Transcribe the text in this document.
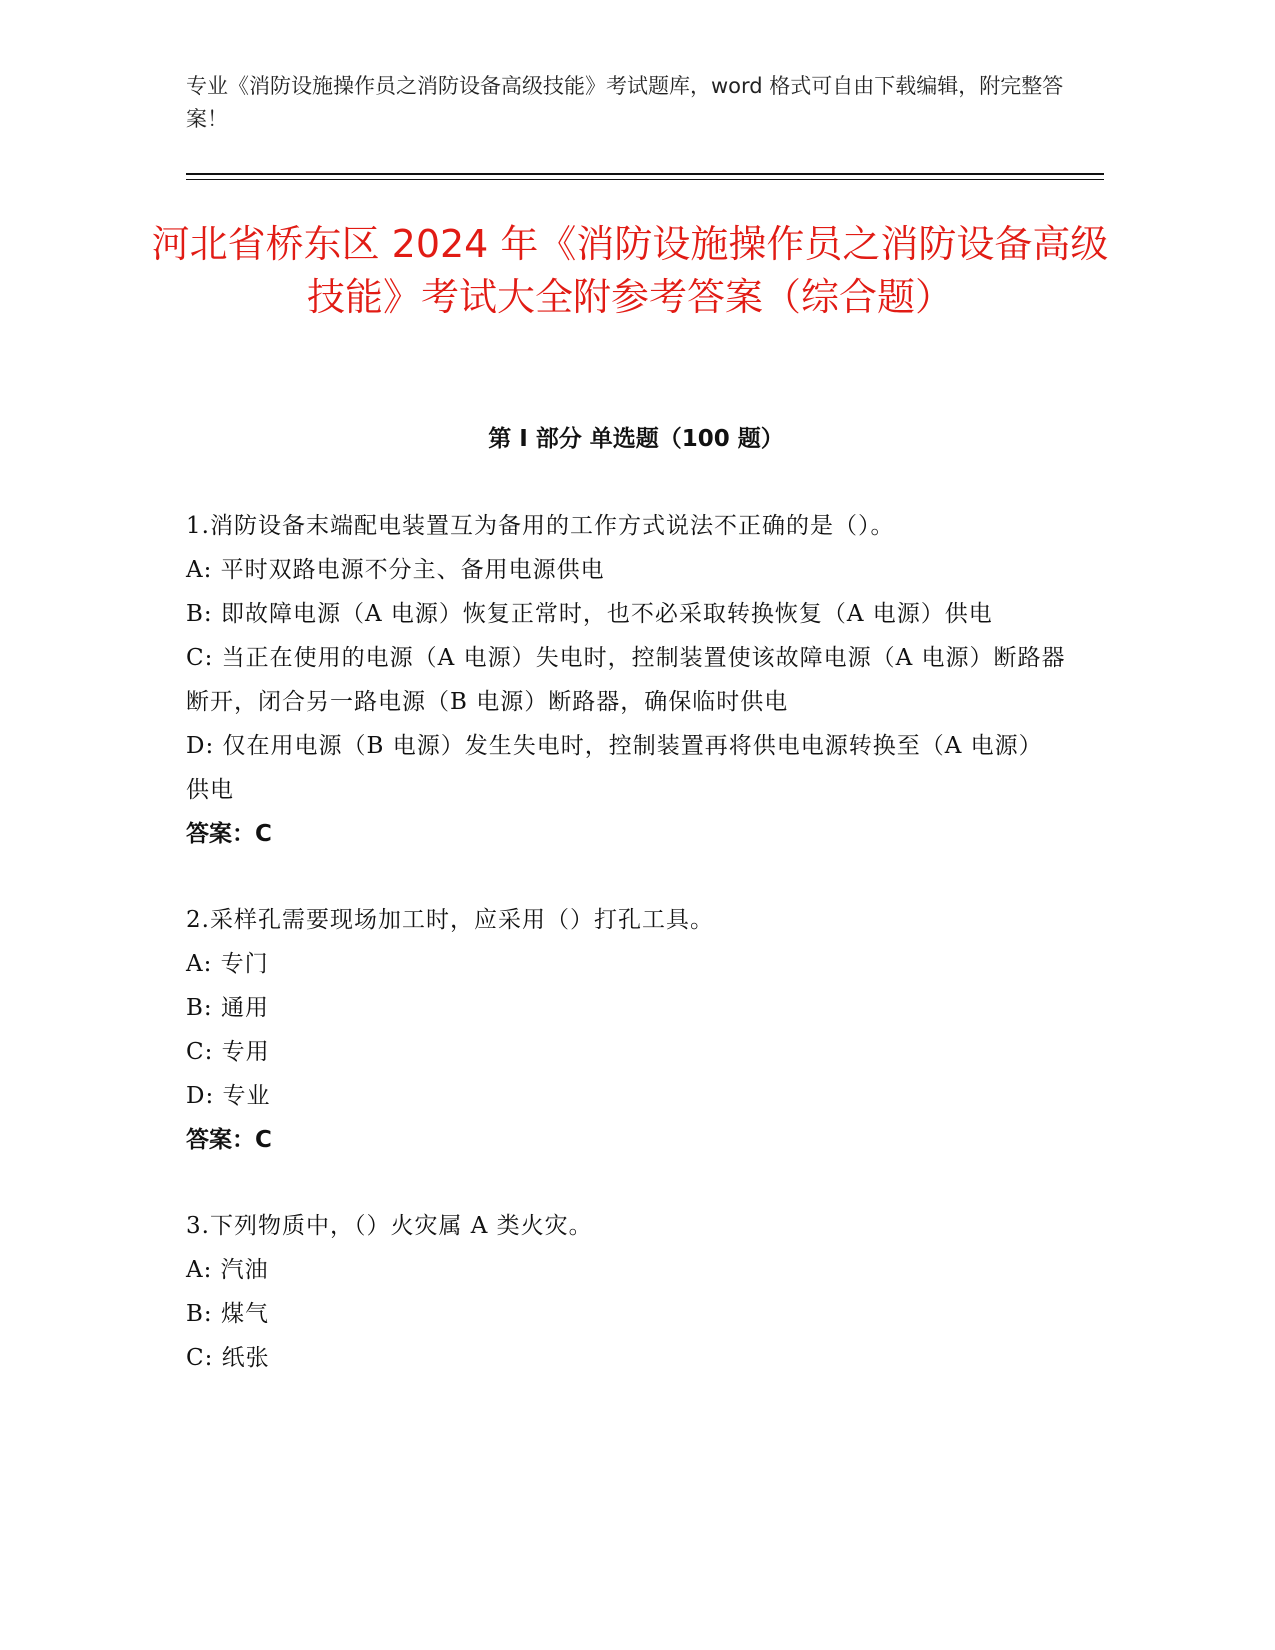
专业《消防设施操作员之消防设备高级技能》考试题库，word 格式可自由下载编辑，附完整答案！
河北省桥东区 2024 年《消防设施操作员之消防设备高级技能》考试大全附参考答案（综合题）
第 I 部分 单选题（100 题）

1.消防设备末端配电装置互为备用的工作方式说法不正确的是（）。

A: 平时双路电源不分主、备用电源供电

B: 即故障电源（A 电源）恢复正常时，也不必采取转换恢复（A 电源）供电

C: 当正在使用的电源（A 电源）失电时，控制装置使该故障电源（A 电源）断路器断开，闭合另一路电源（B 电源）断路器，确保临时供电

D: 仅在用电源（B 电源）发生失电时，控制装置再将供电电源转换至（A 电源）供电

答案：C

2.采样孔需要现场加工时，应采用（）打孔工具。

A: 专门

B: 通用

C: 专用

D: 专业

答案：C

3.下列物质中，（）火灾属 A 类火灾。

A: 汽油

B: 煤气

C: 纸张
